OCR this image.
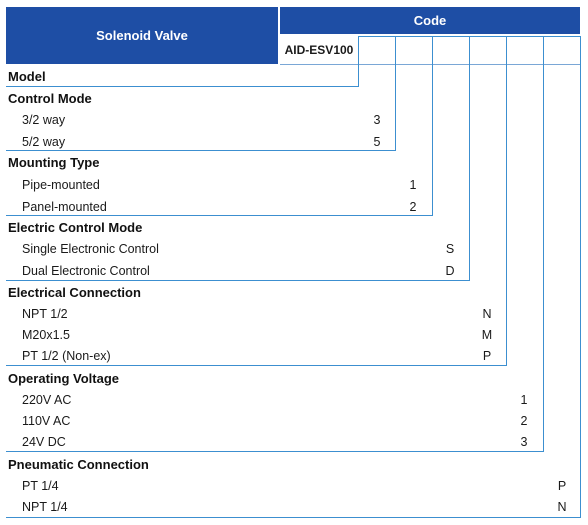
Solenoid Valve
Code
AID-ESV100
Model
Control Mode
Mounting Type
Electric Control Mode
Electrical Connection
Operating Voltage
Pneumatic Connection
3/2 way
5/2 way
Pipe-mounted
Panel-mounted
Single Electronic Control
Dual Electronic Control
NPT 1/2
M20x1.5
PT 1/2 (Non-ex)
220V AC
110V AC
24V DC
PT 1/4
NPT 1/4
3
5
1
2
S
D
N
M
P
1
2
3
P
N
